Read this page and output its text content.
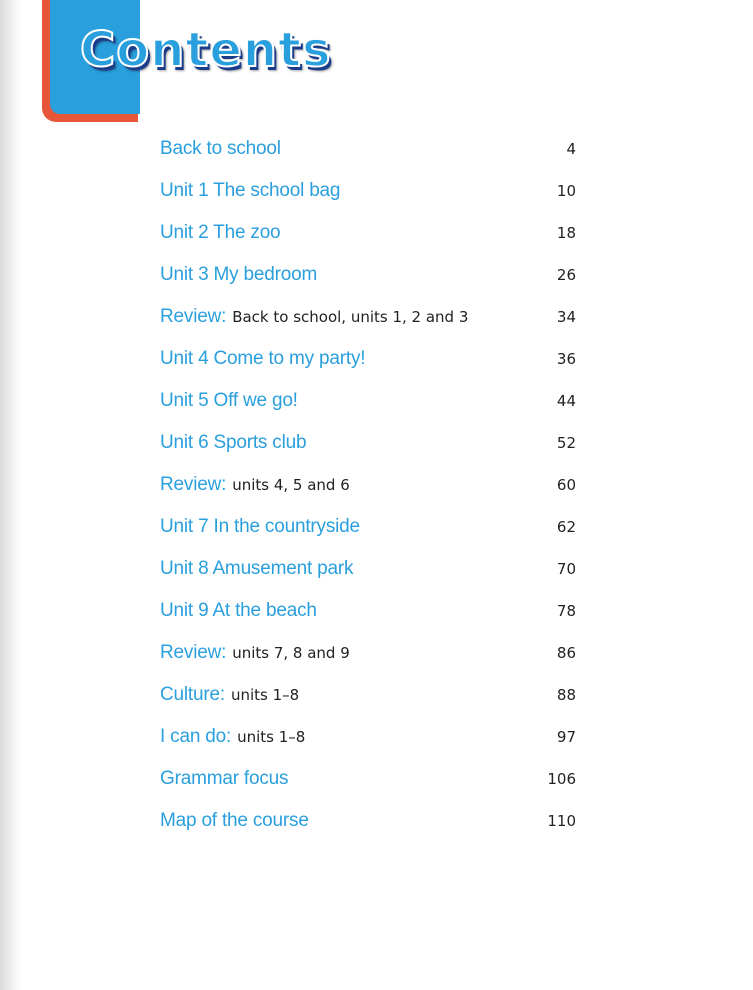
Contents
Back to school	4
Unit 1 The school bag	10
Unit 2 The zoo	18
Unit 3 My bedroom	26
Review: Back to school, units 1, 2 and 3	34
Unit 4 Come to my party!	36
Unit 5 Off we go!	44
Unit 6 Sports club	52
Review: units 4, 5 and 6	60
Unit 7 In the countryside	62
Unit 8 Amusement park	70
Unit 9 At the beach	78
Review: units 7, 8 and 9	86
Culture: units 1–8	88
I can do: units 1–8	97
Grammar focus	106
Map of the course	110
